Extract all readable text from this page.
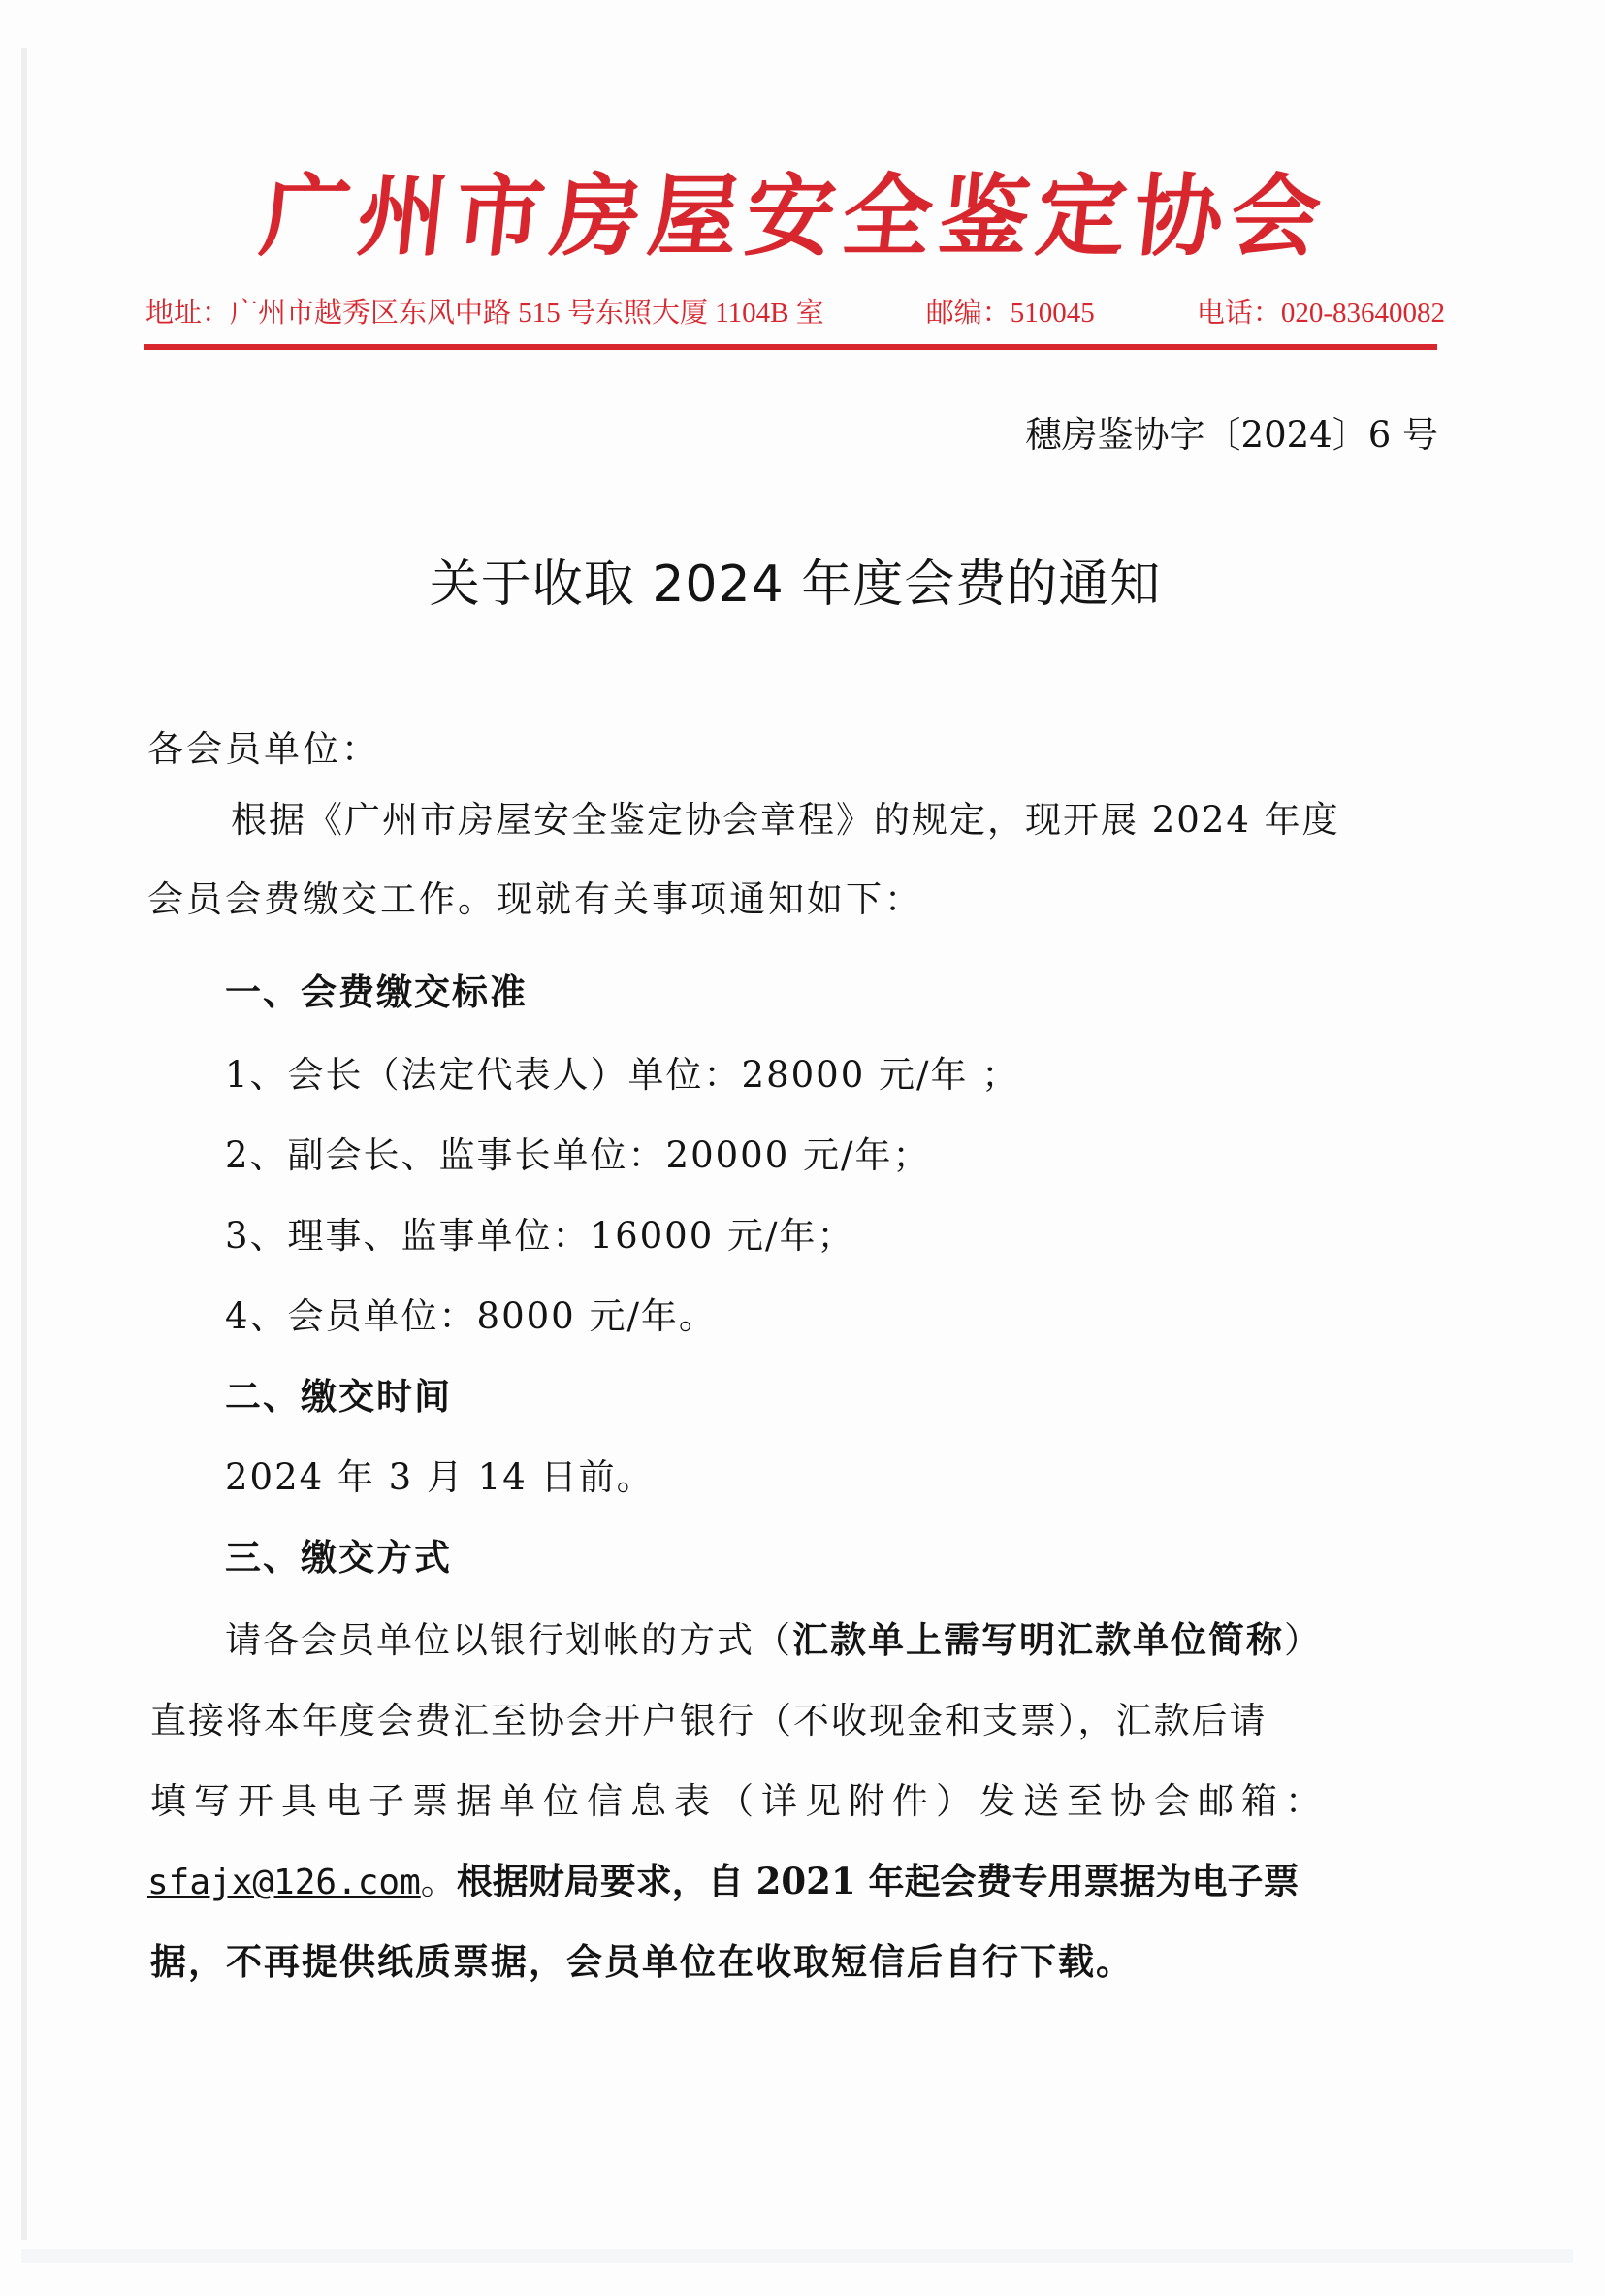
广州市房屋安全鉴定协会
地址：广州市越秀区东风中路 515 号东照大厦 1104B 室	邮编：510045	电话：020-83640082
穗房鉴协字〔2024〕6 号
关于收取 2024 年度会费的通知
各会员单位：
根据《广州市房屋安全鉴定协会章程》的规定，现开展 2024 年度
会员会费缴交工作。现就有关事项通知如下：
一、会费缴交标准
1、会长（法定代表人）单位：28000 元/年 ；
2、副会长、监事长单位：20000 元/年；
3、理事、监事单位：16000 元/年；
4、会员单位：8000 元/年。
二、缴交时间
2024 年 3 月 14 日前。
三、缴交方式
请各会员单位以银行划帐的方式（汇款单上需写明汇款单位简称）
直接将本年度会费汇至协会开户银行（不收现金和支票），汇款后请
填写开具电子票据单位信息表（详见附件）发送至协会邮箱：
sfajx@126.com。根据财局要求，自 2021 年起会费专用票据为电子票
据，不再提供纸质票据，会员单位在收取短信后自行下载。
